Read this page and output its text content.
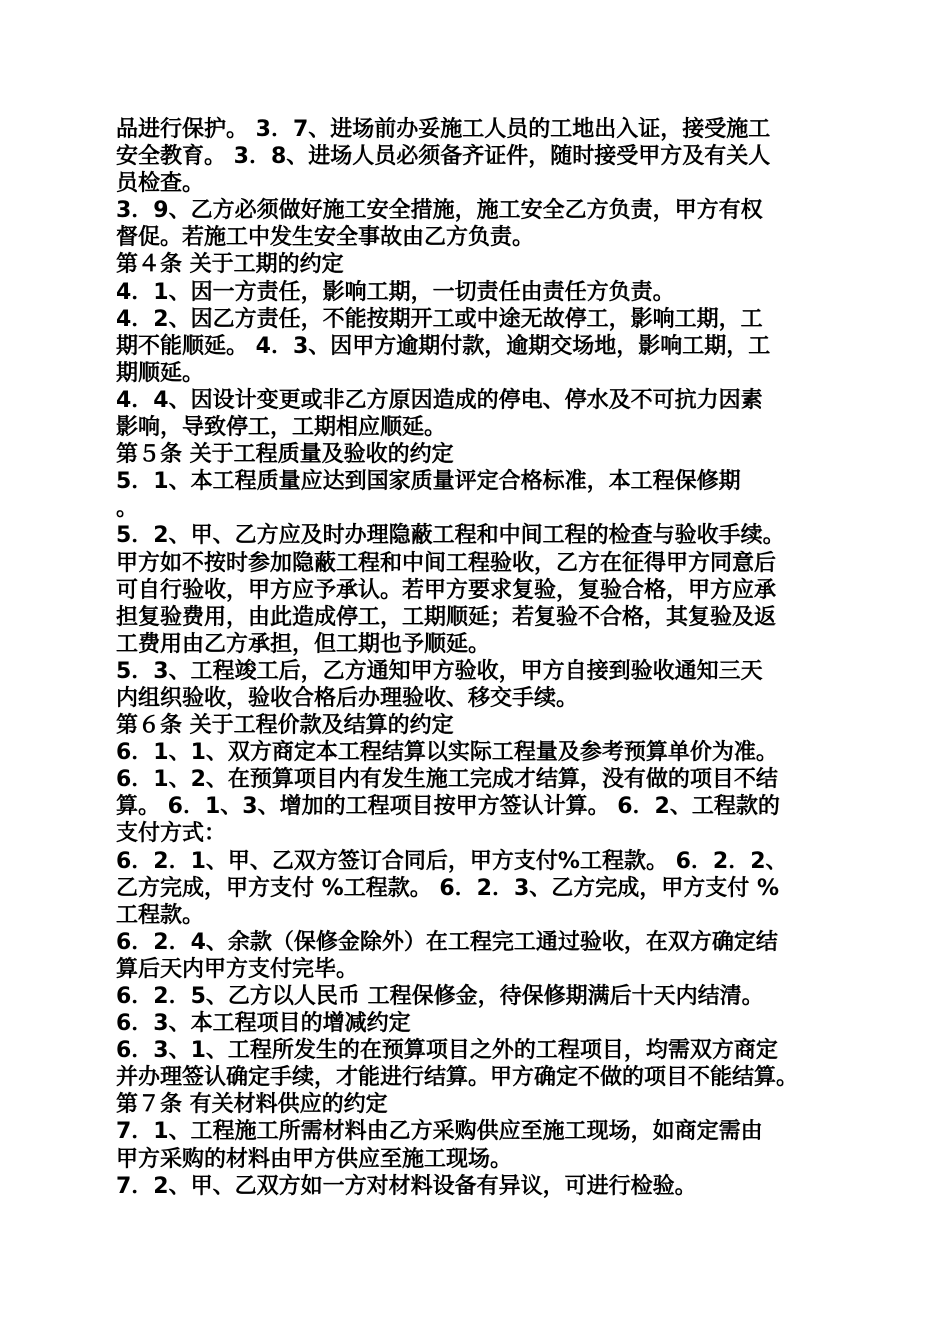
品进行保护。 3．7、进场前办妥施工人员的工地出入证，接受施工
安全教育。 3．8、进场人员必须备齐证件，随时接受甲方及有关人
员检查。
3．9、乙方必须做好施工安全措施，施工安全乙方负责，甲方有权
督促。若施工中发生安全事故由乙方负责。
第４条 关于工期的约定
4．1、因一方责任，影响工期，一切责任由责任方负责。
4．2、因乙方责任，不能按期开工或中途无故停工，影响工期，工
期不能顺延。 4．3、因甲方逾期付款，逾期交场地，影响工期，工
期顺延。
4．4、因设计变更或非乙方原因造成的停电、停水及不可抗力因素
影响，导致停工，工期相应顺延。
第５条 关于工程质量及验收的约定
5．1、本工程质量应达到国家质量评定合格标准，本工程保修期
。
5．2、甲、乙方应及时办理隐蔽工程和中间工程的检查与验收手续。
甲方如不按时参加隐蔽工程和中间工程验收，乙方在征得甲方同意后
可自行验收，甲方应予承认。若甲方要求复验，复验合格，甲方应承
担复验费用，由此造成停工，工期顺延；若复验不合格，其复验及返
工费用由乙方承担，但工期也予顺延。
5．3、工程竣工后，乙方通知甲方验收，甲方自接到验收通知三天
内组织验收，验收合格后办理验收、移交手续。
第６条 关于工程价款及结算的约定
6．1、1、双方商定本工程结算以实际工程量及参考预算单价为准。
6．1、2、在预算项目内有发生施工完成才结算，没有做的项目不结
算。 6．1、3、增加的工程项目按甲方签认计算。 6．2、工程款的
支付方式：
6．2．1、甲、乙双方签订合同后，甲方支付%工程款。 6．2．2、
乙方完成，甲方支付 %工程款。 6．2．3、乙方完成，甲方支付 %
工程款。
6．2．4、余款（保修金除外）在工程完工通过验收，在双方确定结
算后天内甲方支付完毕。
6．2．5、乙方以人民币 工程保修金，待保修期满后十天内结清。
6．3、本工程项目的增减约定
6．3、1、工程所发生的在预算项目之外的工程项目，均需双方商定
并办理签认确定手续，才能进行结算。甲方确定不做的项目不能结算。
第７条 有关材料供应的约定
7．1、工程施工所需材料由乙方采购供应至施工现场，如商定需由
甲方采购的材料由甲方供应至施工现场。
7．2、甲、乙双方如一方对材料设备有异议，可进行检验。
